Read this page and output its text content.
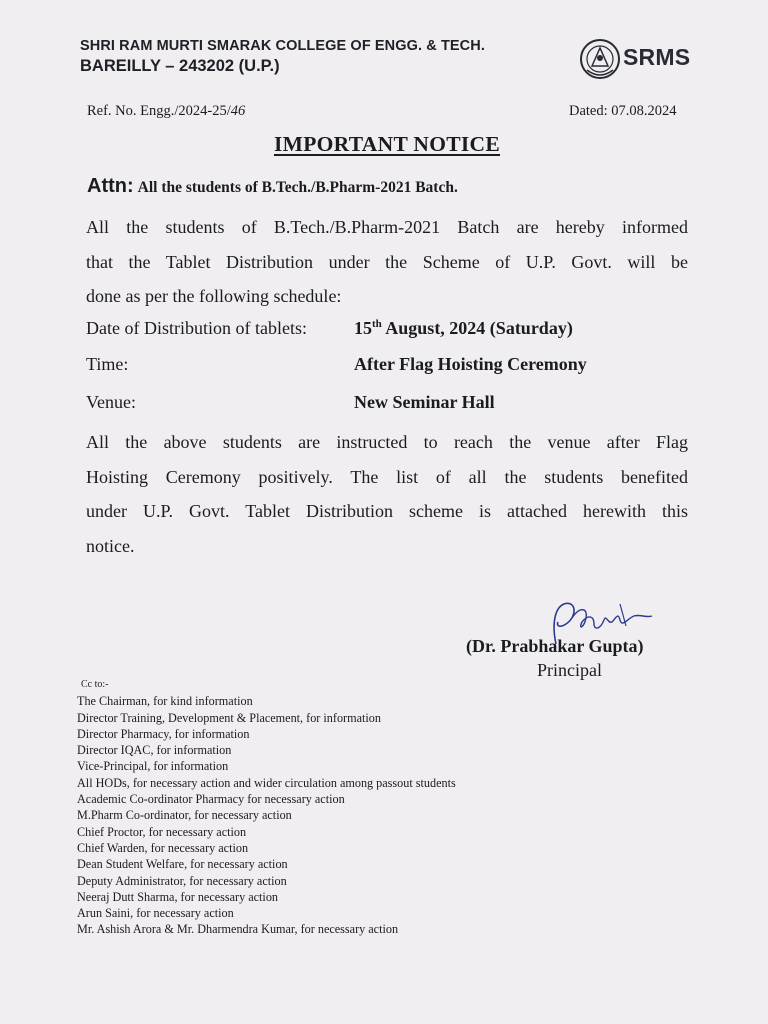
SHRI RAM MURTI SMARAK COLLEGE OF ENGG. & TECH.
BAREILLY – 243202 (U.P.)	SRMS
Ref. No. Engg./2024-25/46	Dated: 07.08.2024
IMPORTANT NOTICE
Attn: All the students of B.Tech./B.Pharm-2021 Batch.
All the students of B.Tech./B.Pharm-2021 Batch are hereby informed
that the Tablet Distribution under the Scheme of U.P. Govt. will be
done as per the following schedule:
Date of Distribution of tablets:	15th August, 2024 (Saturday)
Time:	After Flag Hoisting Ceremony
Venue:	New Seminar Hall
All the above students are instructed to reach the venue after Flag
Hoisting Ceremony positively. The list of all the students benefited
under U.P. Govt. Tablet Distribution scheme is attached herewith this
notice.
(Dr. Prabhakar Gupta)
Principal
Cc to:-
The Chairman, for kind information
Director Training, Development & Placement, for information
Director Pharmacy, for information
Director IQAC, for information
Vice-Principal, for information
All HODs, for necessary action and wider circulation among passout students
Academic Co-ordinator Pharmacy for necessary action
M.Pharm Co-ordinator, for necessary action
Chief Proctor, for necessary action
Chief Warden, for necessary action
Dean Student Welfare, for necessary action
Deputy Administrator, for necessary action
Neeraj Dutt Sharma, for necessary action
Arun Saini, for necessary action
Mr. Ashish Arora & Mr. Dharmendra Kumar, for necessary action
